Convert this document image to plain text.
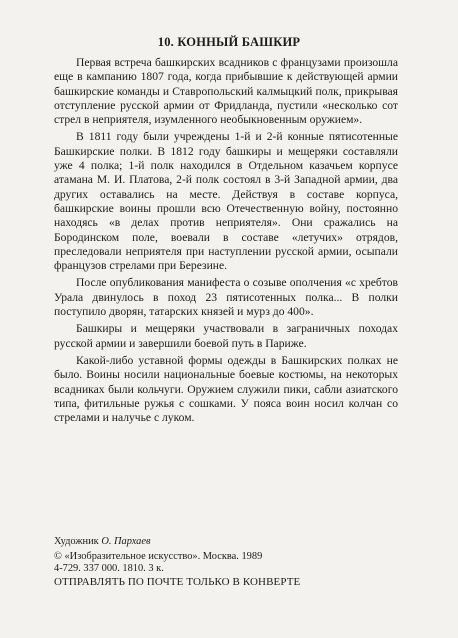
10. КОННЫЙ БАШКИР

Первая встреча башкирских всадников с французами произошла еще в кампанию 1807 года, когда прибывшие к действующей армии башкирские команды и Ставропольский калмыцкий полк, прикрывая отступление русской армии от Фридланда, пустили «несколько сот стрел в неприятеля, изумленного необыкновенным оружием».

В 1811 году были учреждены 1-й и 2-й конные пятисотенные Башкирские полки. В 1812 году башкиры и мещеряки составляли уже 4 полка; 1-й полк находился в Отдельном казачьем корпусе атамана М. И. Платова, 2-й полк состоял в 3-й Западной армии, два других оставались на месте. Действуя в составе корпуса, башкирские воины прошли всю Отечественную войну, постоянно находясь «в делах против неприятеля». Они сражались на Бородинском поле, воевали в составе «летучих» отрядов, преследовали неприятеля при наступлении русской армии, осыпали французов стрелами при Березине.

После опубликования манифеста о созыве ополчения «с хребтов Урала двинулось в поход 23 пятисотенных полка... В полки поступило дворян, татарских князей и мурз до 400».

Башкиры и мещеряки участвовали в заграничных походах русской армии и завершили боевой путь в Париже.

Какой-либо уставной формы одежды в Башкирских полках не было. Воины носили национальные боевые костюмы, на некоторых всадниках были кольчуги. Оружием служили пики, сабли азиатского типа, фитильные ружья с сошками. У пояса воин носил колчан со стрелами и налучье с луком.

Художник О. Пархаев
© «Изобразительное искусство». Москва. 1989
4-729. 337 000. 1810. 3 к.
ОТПРАВЛЯТЬ ПО ПОЧТЕ ТОЛЬКО В КОНВЕРТЕ
